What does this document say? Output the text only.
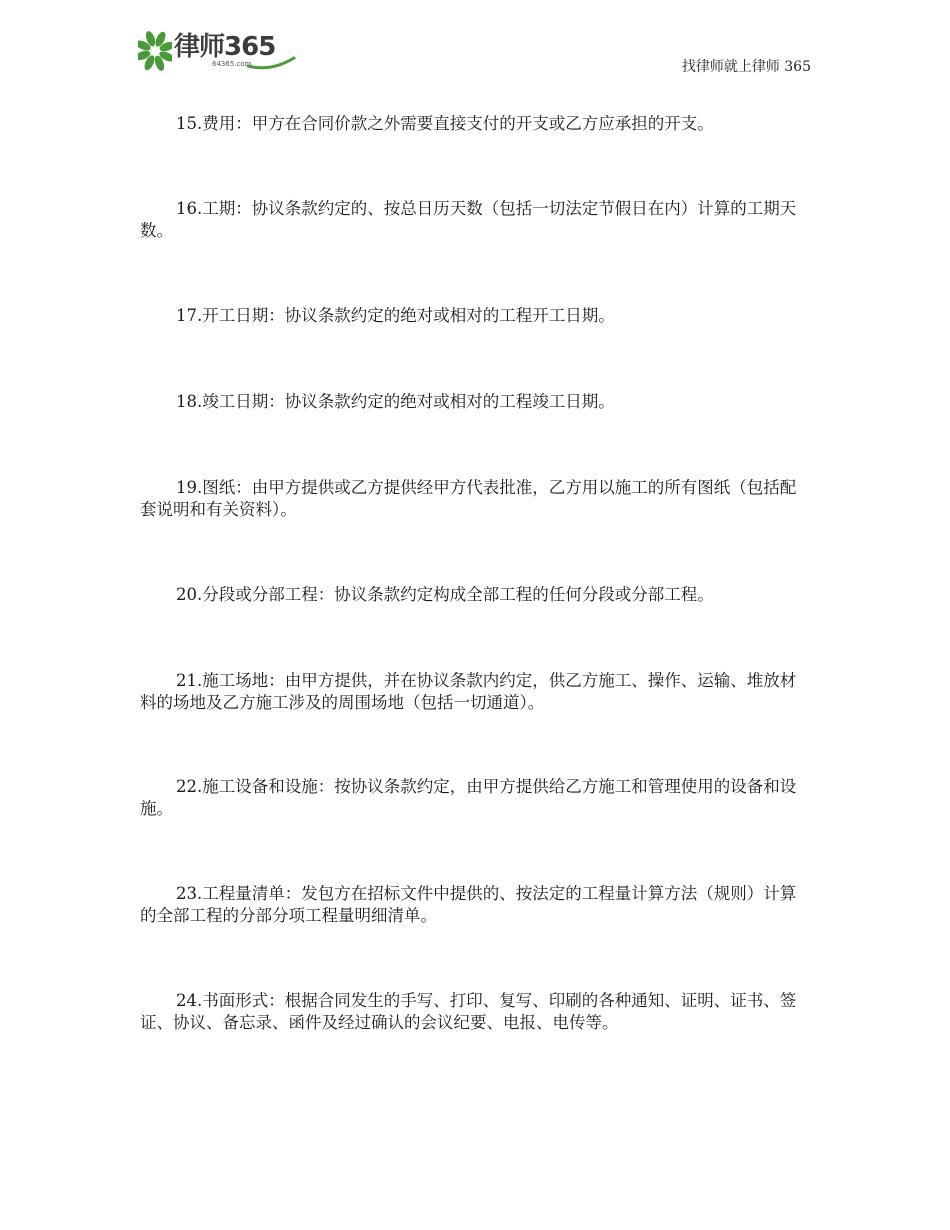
律师365
64365.com	找律师就上律师 365

15.费用：甲方在合同价款之外需要直接支付的开支或乙方应承担的开支。

16.工期：协议条款约定的、按总日历天数（包括一切法定节假日在内）计算的工期天数。

17.开工日期：协议条款约定的绝对或相对的工程开工日期。

18.竣工日期：协议条款约定的绝对或相对的工程竣工日期。

19.图纸：由甲方提供或乙方提供经甲方代表批准，乙方用以施工的所有图纸（包括配套说明和有关资料）。

20.分段或分部工程：协议条款约定构成全部工程的任何分段或分部工程。

21.施工场地：由甲方提供，并在协议条款内约定，供乙方施工、操作、运输、堆放材料的场地及乙方施工涉及的周围场地（包括一切通道）。

22.施工设备和设施：按协议条款约定，由甲方提供给乙方施工和管理使用的设备和设施。

23.工程量清单：发包方在招标文件中提供的、按法定的工程量计算方法（规则）计算的全部工程的分部分项工程量明细清单。

24.书面形式：根据合同发生的手写、打印、复写、印刷的各种通知、证明、证书、签证、协议、备忘录、函件及经过确认的会议纪要、电报、电传等。
